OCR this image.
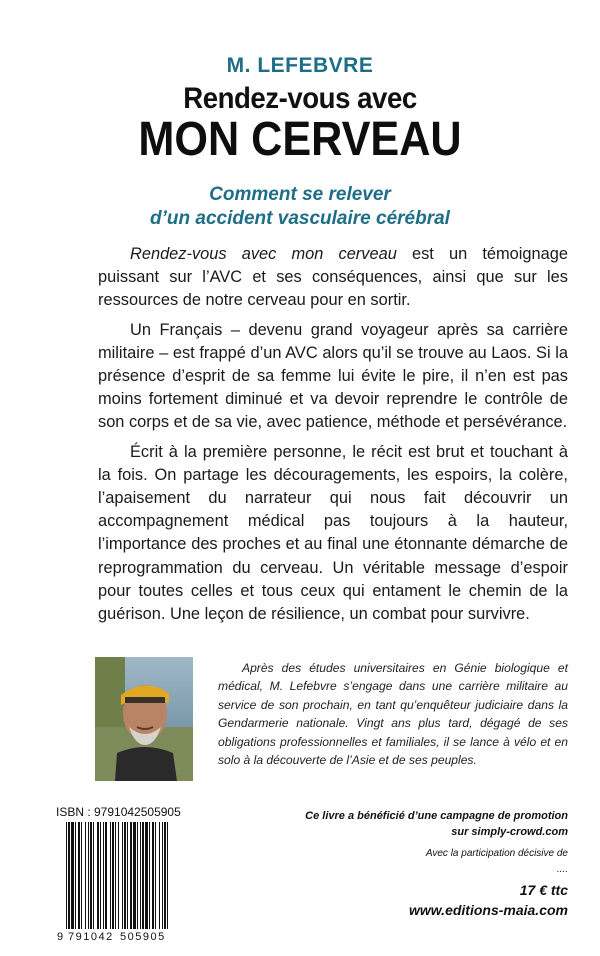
M. LEFEBVRE
Rendez-vous avec
MON CERVEAU
Comment se relever
d’un accident vasculaire cérébral

Rendez-vous avec mon cerveau est un témoignage puissant sur l’AVC et ses conséquences, ainsi que sur les ressources de notre cerveau pour en sortir.

Un Français – devenu grand voyageur après sa carrière militaire – est frappé d’un AVC alors qu’il se trouve au Laos. Si la présence d’esprit de sa femme lui évite le pire, il n’en est pas moins fortement diminué et va devoir reprendre le contrôle de son corps et de sa vie, avec patience, méthode et persévérance.

Écrit à la première personne, le récit est brut et touchant à la fois. On partage les découragements, les espoirs, la colère, l’apaisement du narrateur qui nous fait découvrir un accompagnement médical pas toujours à la hauteur, l’importance des proches et au final une étonnante démarche de reprogrammation du cerveau. Un véritable message d’espoir pour toutes celles et tous ceux qui entament le chemin de la guérison. Une leçon de résilience, un combat pour survivre.

Après des études universitaires en Génie biologique et médical, M. Lefebvre s’engage dans une carrière militaire au service de son prochain, en tant qu’enquêteur judiciaire dans la Gendarmerie nationale. Vingt ans plus tard, dégagé de ses obligations professionnelles et familiales, il se lance à vélo et en solo à la découverte de l’Asie et de ses peuples.

ISBN : 9791042505905
9 791042 505905
Ce livre a bénéficié d’une campagne de promotion
sur simply-crowd.com
Avec la participation décisive de
....
17 € ttc
www.editions-maia.com
